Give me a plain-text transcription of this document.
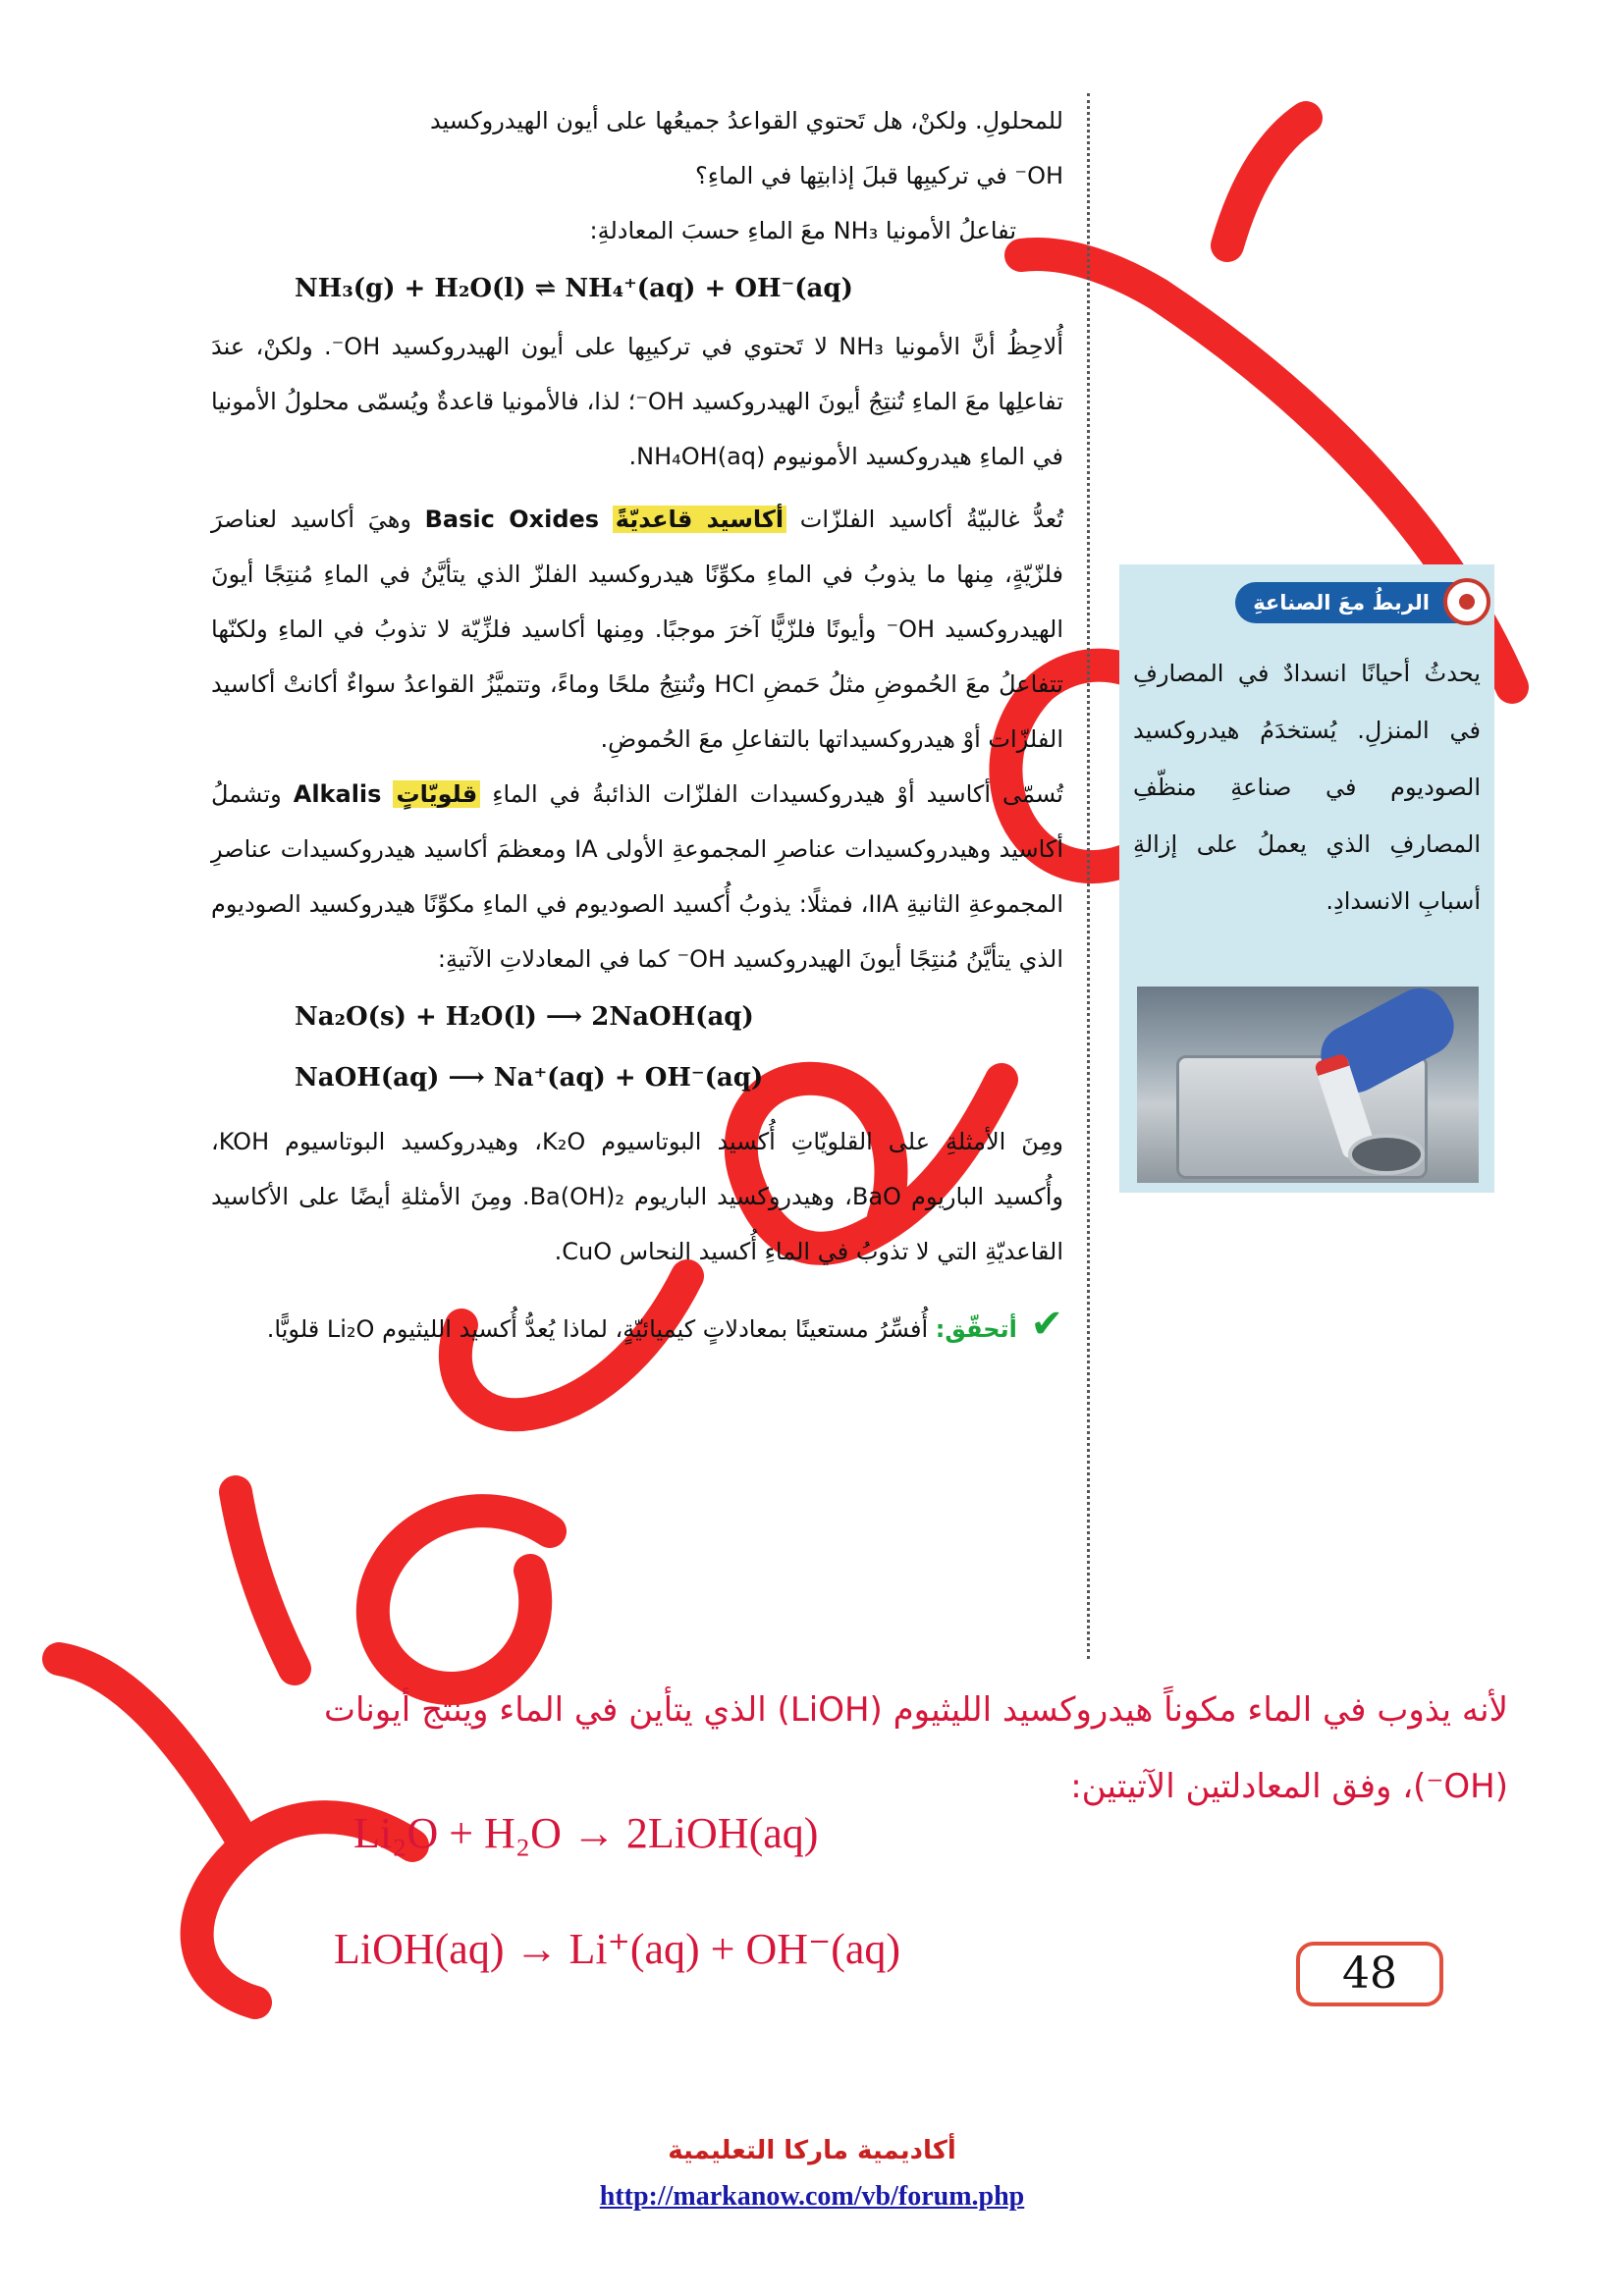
للمحلولِ. ولكنْ، هل تَحتوي القواعدُ جميعُها على أيون الهيدروكسيد

OH⁻ في تركيبِها قبلَ إذابتِها في الماءِ؟

تفاعلُ الأمونيا NH₃ معَ الماءِ حسبَ المعادلةِ:

NH₃(g) + H₂O(l) ⇌ NH₄⁺(aq) + OH⁻(aq)

أُلاحِظُ أنَّ الأمونيا NH₃ لا تَحتوي في تركيبِها على أيون الهيدروكسيد OH⁻. ولكنْ، عندَ تفاعلِها معَ الماءِ تُنتِجُ أيونَ الهيدروكسيد OH⁻؛ لذا، فالأمونيا قاعدةٌ ويُسمّى محلولُ الأمونيا في الماءِ هيدروكسيد الأمونيوم NH₄OH(aq).

تُعدُّ غالبيّةُ أكاسيد الفلزّات أكاسيد قاعديّةً Basic Oxides وهيَ أكاسيد لعناصرَ فلزّيّةٍ، مِنها ما يذوبُ في الماءِ مكوِّنًا هيدروكسيد الفلزّ الذي يتأيَّنُ في الماءِ مُنتِجًا أيونَ الهيدروكسيد OH⁻ وأيونًا فلزّيًّا آخرَ موجبًا. ومِنها أكاسيد فلزِّيّة لا تذوبُ في الماءِ ولكنّها تتفاعلُ معَ الحُموضِ مثلُ حَمضِ HCl وتُنتِجُ ملحًا وماءً، وتتميَّزُ القواعدُ سواءٌ أكانتْ أكاسيد الفلزّات أوْ هيدروكسيداتها بالتفاعلِ معَ الحُموضِ.

تُسمّى أكاسيد أوْ هيدروكسيدات الفلزّات الذائبةُ في الماءِ قلويّاتٍ Alkalis وتشملُ أكاسيد وهيدروكسيدات عناصرِ المجموعةِ الأولى IA ومعظمَ أكاسيد هيدروكسيدات عناصرِ المجموعةِ الثانيةِ IIA، فمثلًا: يذوبُ أُكسيد الصوديوم في الماءِ مكوِّنًا هيدروكسيد الصوديوم الذي يتأيَّنُ مُنتِجًا أيونَ الهيدروكسيد OH⁻ كما في المعادلاتِ الآتيةِ:

Na₂O(s) + H₂O(l) ⟶ 2NaOH(aq)

NaOH(aq) ⟶ Na⁺(aq) + OH⁻(aq)

ومِنَ الأمثلةِ على القلويّاتِ أُكسيد البوتاسيوم K₂O، وهيدروكسيد البوتاسيوم KOH، وأُكسيد الباريوم BaO، وهيدروكسيد الباريوم Ba(OH)₂. ومِنَ الأمثلةِ أيضًا على الأكاسيد القاعديّةِ التي لا تذوبُ في الماءِ أُكسيد النحاس CuO.

✔ أتحقّق: أُفسِّرُ مستعينًا بمعادلاتٍ كيميائيّةٍ، لماذا يُعدُّ أُكسيد الليثيوم Li₂O قلويًّا.

الربطُ معَ الصناعةِ
يحدثُ أحيانًا انسدادٌ في المصارفِ في المنزلِ. يُستخدَمُ هيدروكسيد الصوديوم في صناعةِ منظّفِ المصارفِ الذي يعملُ على إزالةِ أسبابِ الانسدادِ.
لأنه يذوب في الماء مكوناً هيدروكسيد الليثيوم (LiOH) الذي يتأين في الماء وينتج أيونات
(OH⁻)، وفق المعادلتين الآتيتين:
Li₂O + H₂O → 2LiOH(aq)
LiOH(aq) → Li⁺(aq) + OH⁻(aq)	48
أكاديمية ماركا التعليمية
http://markanow.com/vb/forum.php
